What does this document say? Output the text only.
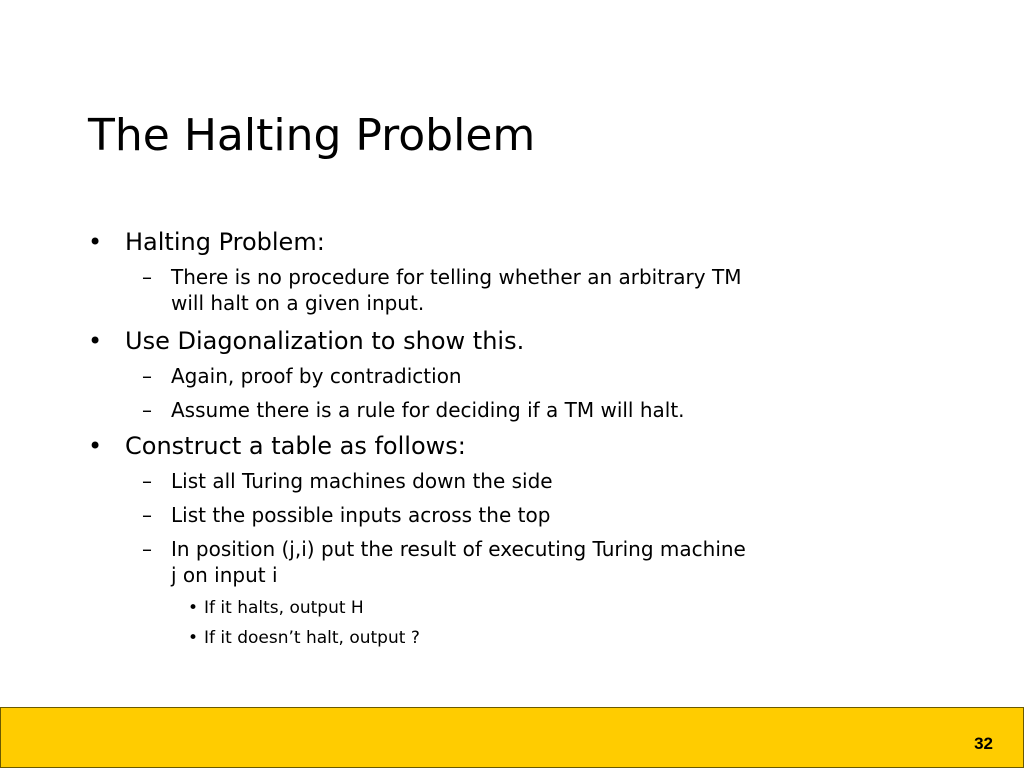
The Halting Problem
• Halting Problem:
– There is no procedure for telling whether an arbitrary TM
will halt on a given input.
• Use Diagonalization to show this.
– Again, proof by contradiction
– Assume there is a rule for deciding if a TM will halt.
• Construct a table as follows:
– List all Turing machines down the side
– List the possible inputs across the top
– In position (j,i) put the result of executing Turing machine
j on input i
• If it halts, output H
• If it doesn’t halt, output ?
32
